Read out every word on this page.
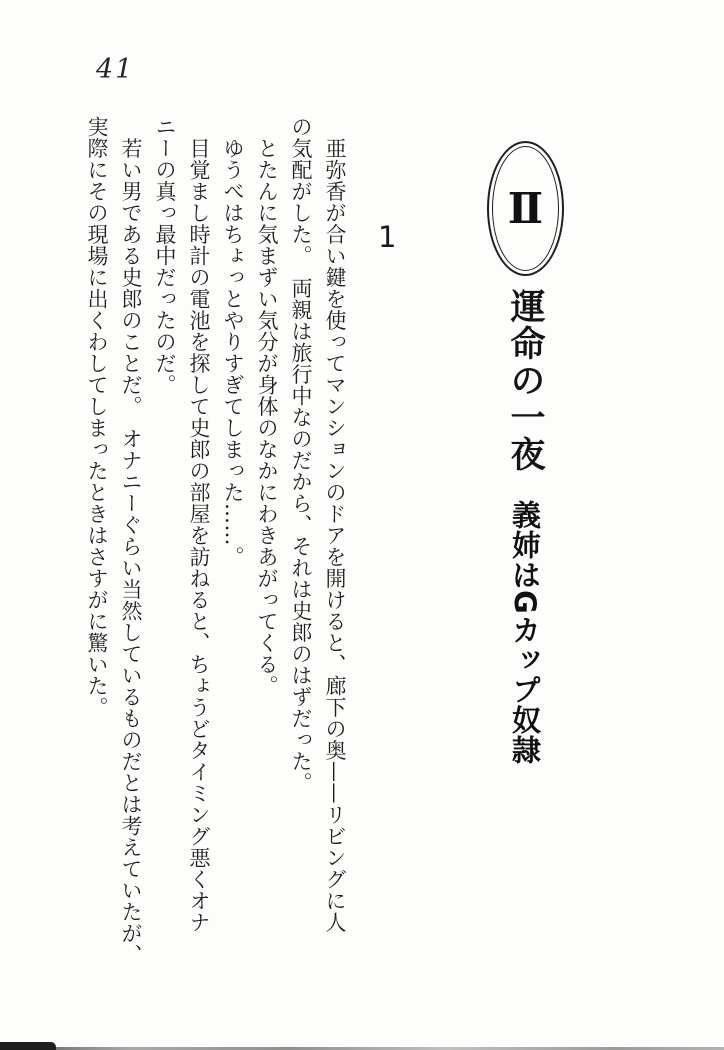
41
Ⅱ
運命の一夜義姉はGカップ奴隷
1

　亜弥香が合い鍵を使ってマンションのドアを開けると、廊下の奥——リビングに人

の気配がした。　両親は旅行中なのだから、それは史郎のはずだった。

　とたんに気まずい気分が身体のなかにわきあがってくる。

　ゆうべはちょっとやりすぎてしまった……。

　目覚まし時計の電池を探して史郎の部屋を訪ねると、ちょうどタイミング悪くオナ

ニーの真っ最中だったのだ。

　若い男である史郎のことだ。　オナニーぐらい当然しているものだとは考えていたが、

実際にその現場に出くわしてしまったときはさすがに驚いた。
